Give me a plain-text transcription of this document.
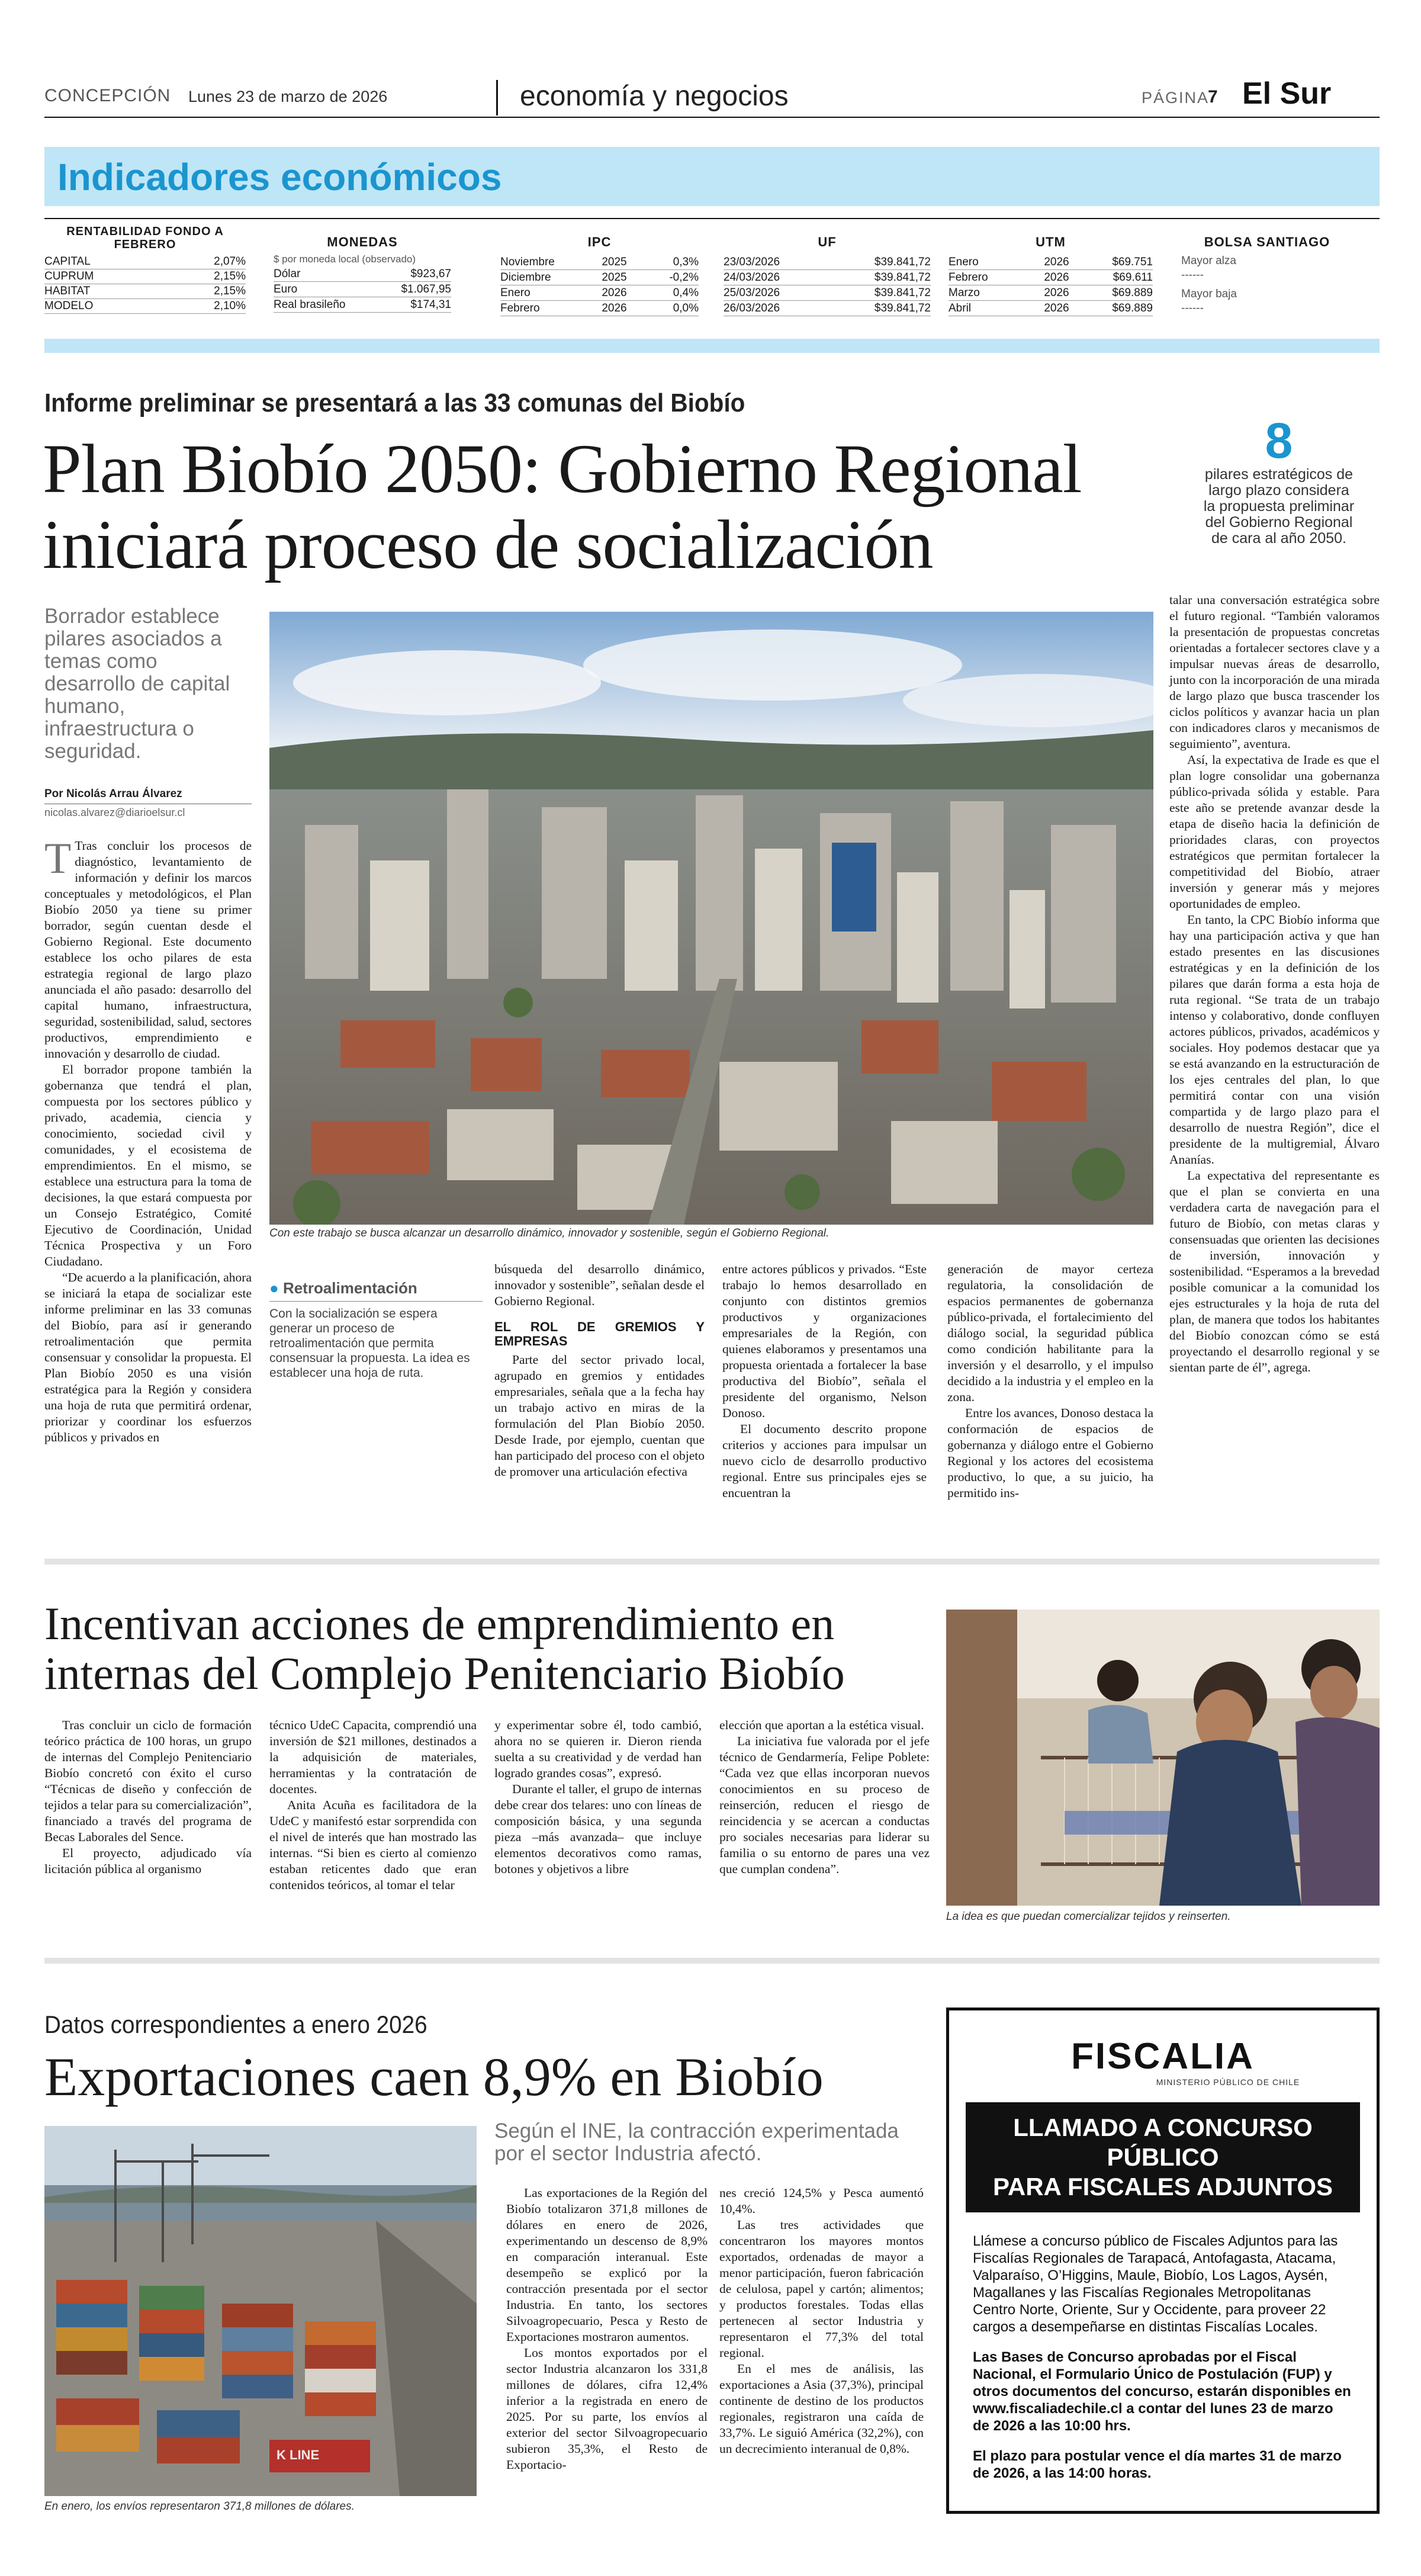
CONCEPCIÓN Lunes 23 de marzo de 2026	economía y negocios	PÁGINA
7 El Sur
Indicadores económicos
RENTABILIDAD FONDO A
FEBRERO
CAPITAL	2,07%
CUPRUM	2,15%
HABITAT	2,15%
MODELO	2,10%
MONEDAS
$ por moneda local (observado)
Dólar	$923,67
Euro	$1.067,95
Real brasileño	$174,31
IPC
Noviembre	2025	0,3%
Diciembre	2025	-0,2%
Enero	2026	0,4%
Febrero	2026	0,0%
UF
23/03/2026	$39.841,72
24/03/2026	$39.841,72
25/03/2026	$39.841,72
26/03/2026	$39.841,72
UTM
Enero	2026	$69.751
Febrero	2026	$69.611
Marzo	2026	$69.889
Abril	2026	$69.889
BOLSA SANTIAGO
Mayor alza
------
Mayor baja
------
Informe preliminar se presentará a las 33 comunas del Biobío
Plan Biobío 2050: Gobierno Regional
iniciará proceso de socialización
8
pilares estratégicos de largo plazo considera la propuesta preliminar del Gobierno Regional de cara al año 2050.
Borrador establece pilares asociados a temas como desarrollo de capital humano, infraestructura o seguridad.
Por Nicolás Arrau Álvarez
nicolas.alvarez@diarioelsur.cl
Con este trabajo se busca alcanzar un desarrollo dinámico, innovador y sostenible, según el Gobierno Regional.

T Tras concluir los procesos de diagnóstico, levantamiento de información y definir los marcos conceptuales y metodológicos, el Plan Biobío 2050 ya tiene su primer borrador, según cuentan desde el Gobierno Regional. Este documento establece los ocho pilares de esta estrategia regional de largo plazo anunciada el año pasado: desarrollo del capital humano, infraestructura, seguridad, sostenibilidad, salud, sectores productivos, emprendimiento e innovación y desarrollo de ciudad.

El borrador propone también la gobernanza que tendrá el plan, compuesta por los sectores público y privado, academia, ciencia y conocimiento, sociedad civil y comunidades, y el ecosistema de emprendimientos. En el mismo, se establece una estructura para la toma de decisiones, la que estará compuesta por un Consejo Estratégico, Comité Ejecutivo de Coordinación, Unidad Técnica Prospectiva y un Foro Ciudadano.

“De acuerdo a la planificación, ahora se iniciará la etapa de socializar este informe preliminar en las 33 comunas del Biobío, para así ir generando retroalimentación que permita consensuar y consolidar la propuesta. El Plan Biobío 2050 es una visión estratégica para la Región y considera una hoja de ruta que permitirá ordenar, priorizar y coordinar los esfuerzos públicos y privados en

● Retroalimentación
Con la socialización se espera generar un proceso de retroalimentación que permita consensuar la propuesta. La idea es establecer una hoja de ruta.

búsqueda del desarrollo dinámico, innovador y sostenible”, señalan desde el Gobierno Regional.

EL ROL DE GREMIOS Y EMPRESAS

Parte del sector privado local, agrupado en gremios y entidades empresariales, señala que a la fecha hay un trabajo activo en miras de la formulación del Plan Biobío 2050. Desde Irade, por ejemplo, cuentan que han participado del proceso con el objeto de promover una articulación efectiva

entre actores públicos y privados. “Este trabajo lo hemos desarrollado en conjunto con distintos gremios productivos y organizaciones empresariales de la Región, con quienes elaboramos y presentamos una propuesta orientada a fortalecer la base productiva del Biobío”, señala el presidente del organismo, Nelson Donoso.

El documento descrito propone criterios y acciones para impulsar un nuevo ciclo de desarrollo productivo regional. Entre sus principales ejes se encuentran la

generación de mayor certeza regulatoria, la consolidación de espacios permanentes de gobernanza público-privada, el fortalecimiento del diálogo social, la seguridad pública como condición habilitante para la inversión y el desarrollo, y el impulso decidido a la industria y el empleo en la zona.

Entre los avances, Donoso destaca la conformación de espacios de gobernanza y diálogo entre el Gobierno Regional y los actores del ecosistema productivo, lo que, a su juicio, ha permitido ins-

talar una conversación estratégica sobre el futuro regional. “También valoramos la presentación de propuestas concretas orientadas a fortalecer sectores clave y a impulsar nuevas áreas de desarrollo, junto con la incorporación de una mirada de largo plazo que busca trascender los ciclos políticos y avanzar hacia un plan con indicadores claros y mecanismos de seguimiento”, aventura.

Así, la expectativa de Irade es que el plan logre consolidar una gobernanza público-privada sólida y estable. Para este año se pretende avanzar desde la etapa de diseño hacia la definición de prioridades claras, con proyectos estratégicos que permitan fortalecer la competitividad del Biobío, atraer inversión y generar más y mejores oportunidades de empleo.

En tanto, la CPC Biobío informa que hay una participación activa y que han estado presentes en las discusiones estratégicas y en la definición de los pilares que darán forma a esta hoja de ruta regional. “Se trata de un trabajo intenso y colaborativo, donde confluyen actores públicos, privados, académicos y sociales. Hoy podemos destacar que ya se está avanzando en la estructuración de los ejes centrales del plan, lo que permitirá contar con una visión compartida y de largo plazo para el desarrollo de nuestra Región”, dice el presidente de la multigremial, Álvaro Ananías.

La expectativa del representante es que el plan se convierta en una verdadera carta de navegación para el futuro de Biobío, con metas claras y consensuadas que orienten las decisiones de inversión, innovación y sostenibilidad. “Esperamos a la brevedad posible comunicar a la comunidad los ejes estructurales y la hoja de ruta del plan, de manera que todos los habitantes del Biobío conozcan cómo se está proyectando el desarrollo regional y se sientan parte de él”, agrega.

Incentivan acciones de emprendimiento en
internas del Complejo Penitenciario Biobío
La idea es que puedan comercializar tejidos y reinserten.

Tras concluir un ciclo de formación teórico práctica de 100 horas, un grupo de internas del Complejo Penitenciario Biobío concretó con éxito el curso “Técnicas de diseño y confección de tejidos a telar para su comercialización”, financiado a través del programa de Becas Laborales del Sence.

El proyecto, adjudicado vía licitación pública al organismo

técnico UdeC Capacita, comprendió una inversión de $21 millones, destinados a la adquisición de materiales, herramientas y la contratación de docentes.

Anita Acuña es facilitadora de la UdeC y manifestó estar sorprendida con el nivel de interés que han mostrado las internas. “Si bien es cierto al comienzo estaban reticentes dado que eran contenidos teóricos, al tomar el telar

y experimentar sobre él, todo cambió, ahora no se quieren ir. Dieron rienda suelta a su creatividad y de verdad han logrado grandes cosas”, expresó.

Durante el taller, el grupo de internas debe crear dos telares: uno con líneas de composición básica, y una segunda pieza –más avanzada– que incluye elementos decorativos como ramas, botones y objetivos a libre

elección que aportan a la estética visual.

La iniciativa fue valorada por el jefe técnico de Gendarmería, Felipe Poblete: “Cada vez que ellas incorporan nuevos conocimientos en su proceso de reinserción, reducen el riesgo de reincidencia y se acercan a conductas pro sociales necesarias para liderar su familia o su entorno de pares una vez que cumplan condena”.

Datos correspondientes a enero 2026
Exportaciones caen 8,9% en Biobío
K LINE
En enero, los envíos representaron 371,8 millones de dólares.
Según el INE, la contracción experimentada por el sector Industria afectó.

Las exportaciones de la Región del Biobío totalizaron 371,8 millones de dólares en enero de 2026, experimentando un descenso de 8,9% en comparación interanual. Este desempeño se explicó por la contracción presentada por el sector Industria. En tanto, los sectores Silvoagropecuario, Pesca y Resto de Exportaciones mostraron aumentos.

Los montos exportados por el sector Industria alcanzaron los 331,8 millones de dólares, cifra 12,4% inferior a la registrada en enero de 2025. Por su parte, los envíos al exterior del sector Silvoagropecuario subieron 35,3%, el Resto de Exportacio-

nes creció 124,5% y Pesca aumentó 10,4%.

Las tres actividades que concentraron los mayores montos exportados, ordenadas de mayor a menor participación, fueron fabricación de celulosa, papel y cartón; alimentos; y productos forestales. Todas ellas pertenecen al sector Industria y representaron el 77,3% del total regional.

En el mes de análisis, las exportaciones a Asia (37,3%), principal continente de destino de los productos regionales, registraron una caída de 33,7%. Le siguió América (32,2%), con un decrecimiento interanual de 0,8%.

FISCALIA
MINISTERIO PÚBLICO DE CHILE
LLAMADO A CONCURSO PÚBLICO
PARA FISCALES ADJUNTOS
Llámese a concurso público de Fiscales Adjuntos para las Fiscalías Regionales de Tarapacá, Antofagasta, Atacama, Valparaíso, O’Higgins, Maule, Biobío, Los Lagos, Aysén, Magallanes y las Fiscalías Regionales Metropolitanas Centro Norte, Oriente, Sur y Occidente, para proveer 22 cargos a desempeñarse en distintas Fiscalías Locales.
Las Bases de Concurso aprobadas por el Fiscal Nacional, el Formulario Único de Postulación (FUP) y otros documentos del concurso, estarán disponibles en www.fiscaliadechile.cl a contar del lunes 23 de marzo de 2026 a las 10:00 hrs.
El plazo para postular vence el día martes 31 de marzo de 2026, a las 14:00 horas.
